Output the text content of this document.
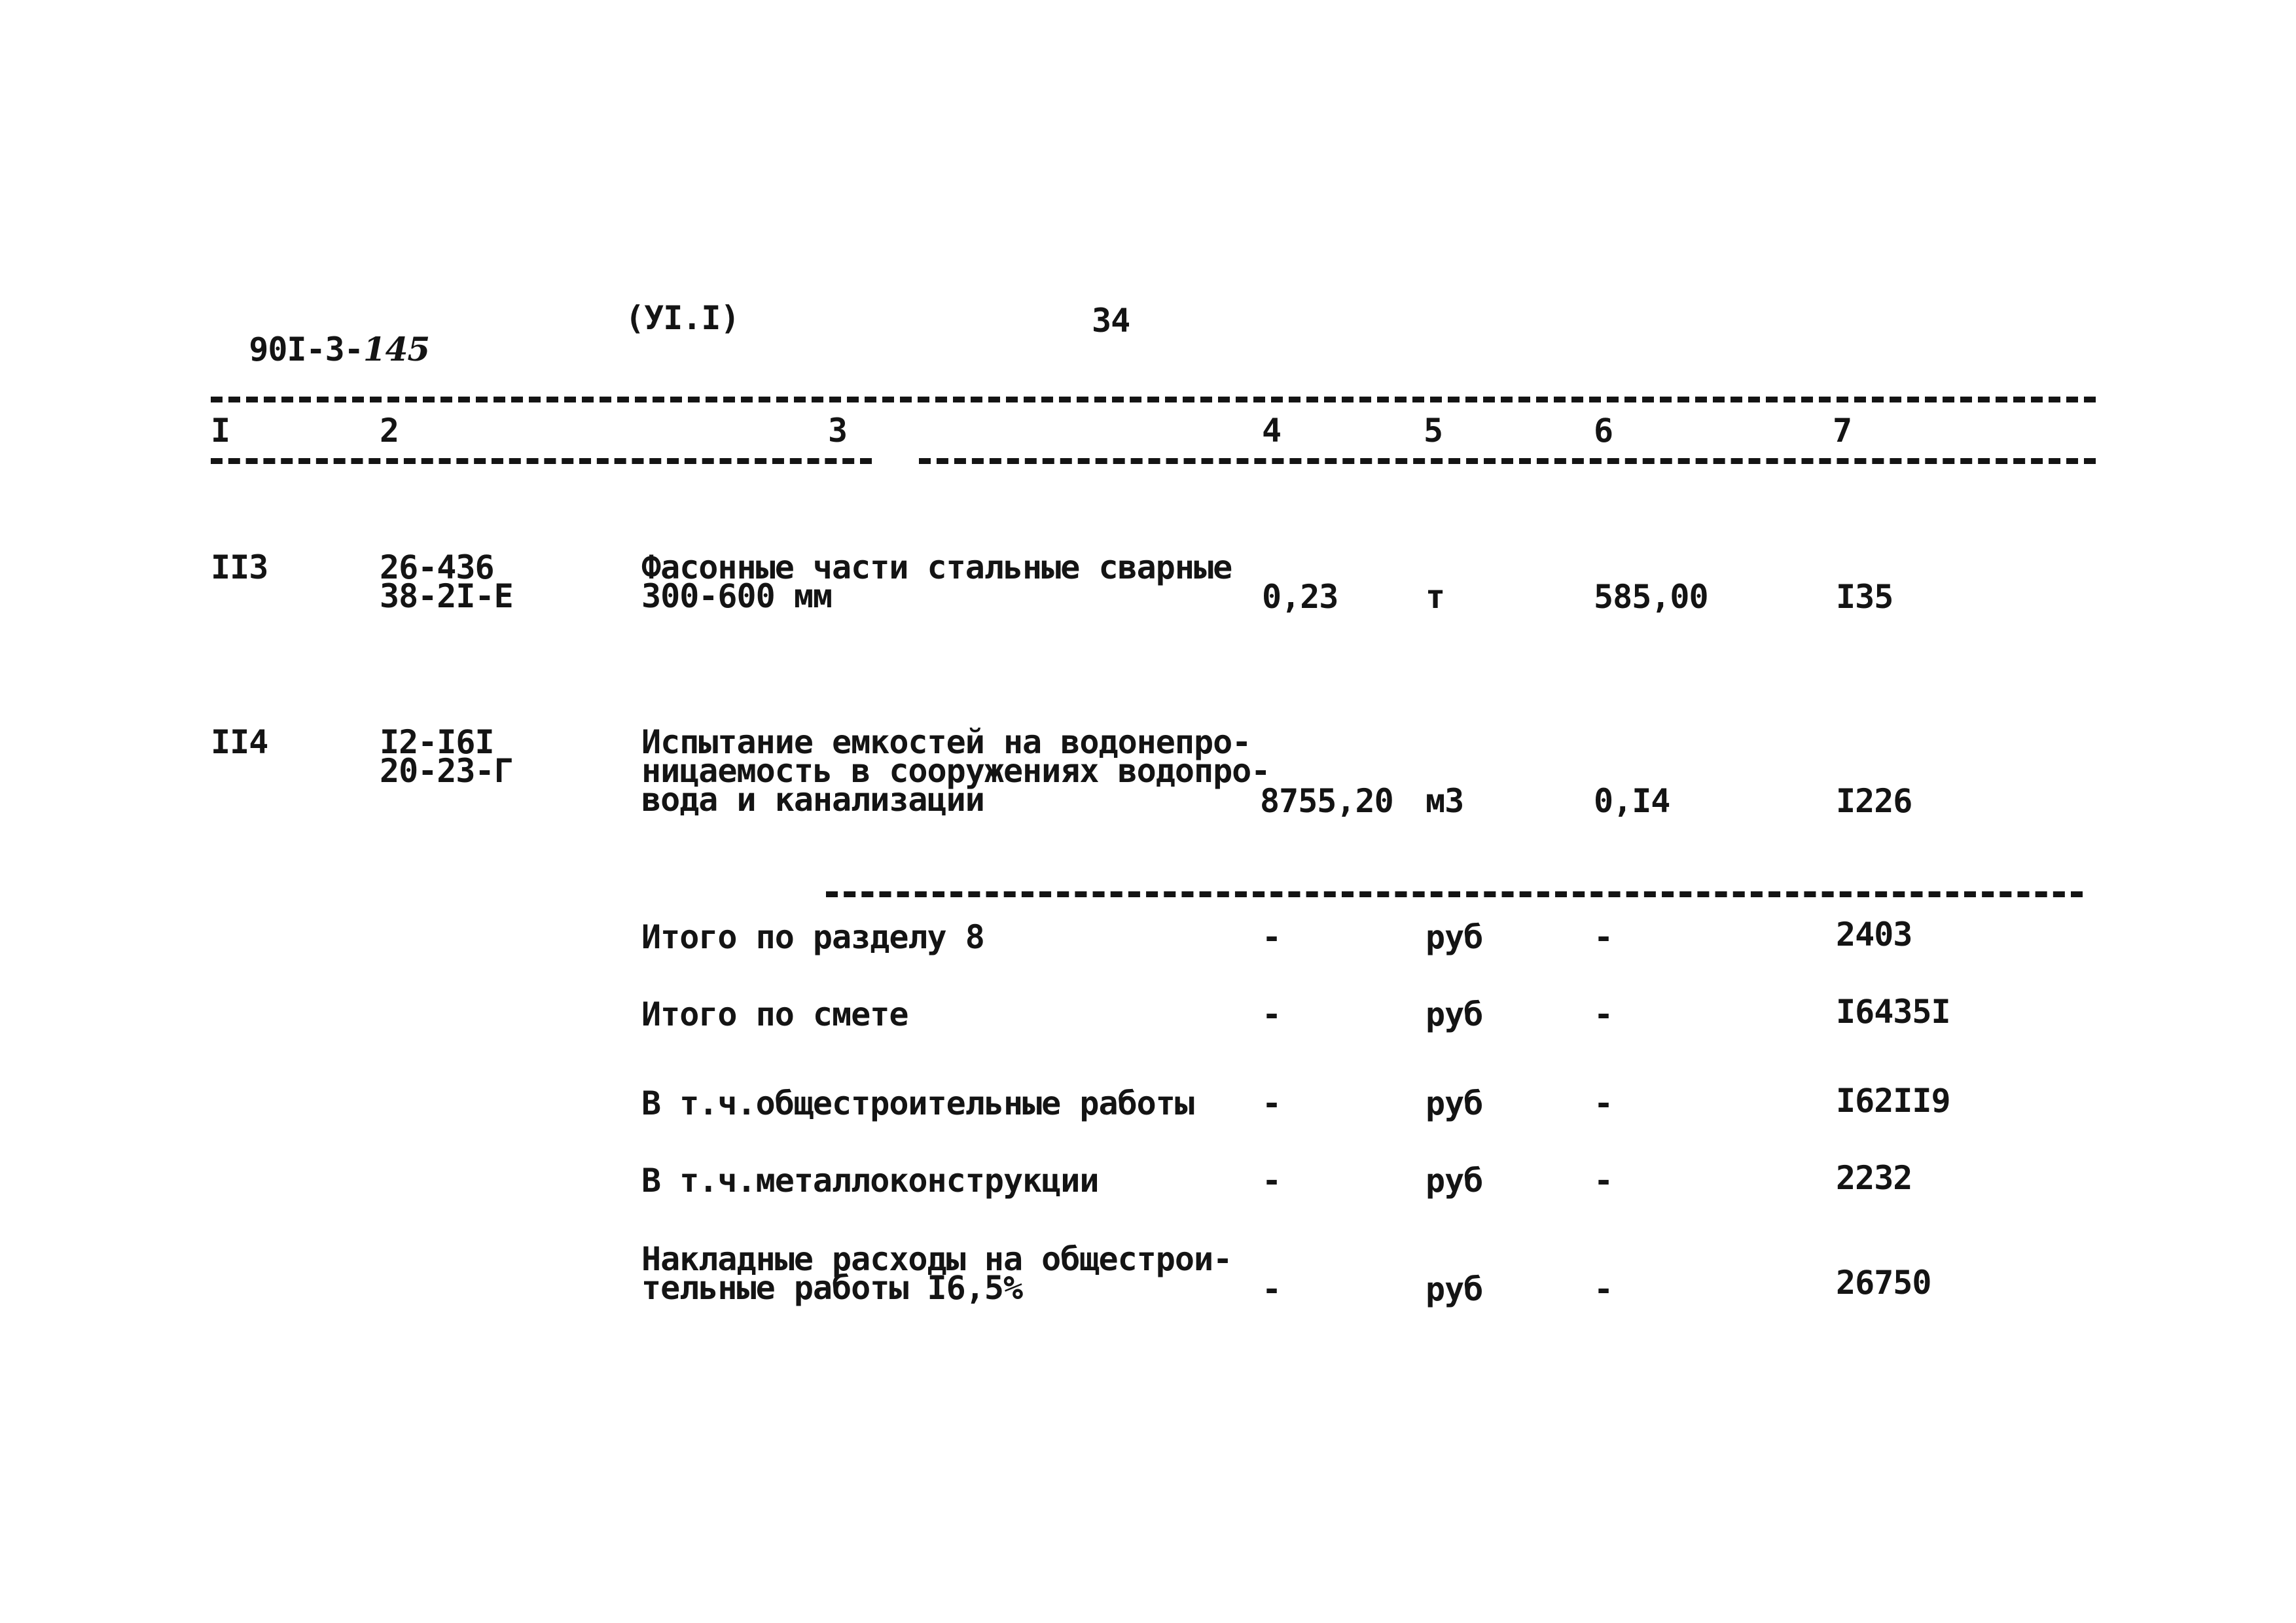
90I-3-145

(УI.I)	34
I	2	3	4	5	6	7
II3	26-436
38-2I-Е
Фасонные части стальные сварные
300-600 мм	0,23	т	585,00	I35
II4	I2-I6I
20-23-Г
Испытание емкостей на водонепро-
ницаемость в сооружениях водопро-
вода и канализации	8755,20 м3	0,I4	I226
Итого по разделу 8	-	руб	-	2403
Итого по смете	-	руб	-	I6435I
В т.ч.общестроительные работы -	руб	-	I62II9
В т.ч.металлоконструкции	-	руб	-	2232
Накладные расходы на общестрои-
тельные работы I6,5%	-	руб	-	26750
